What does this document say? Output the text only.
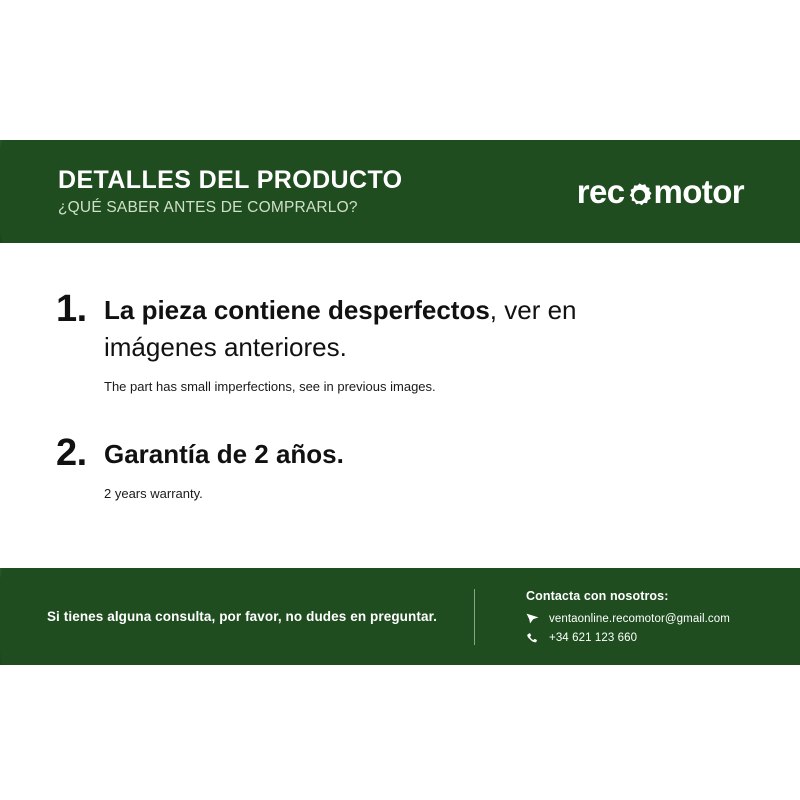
DETALLES DEL PRODUCTO
¿QUÉ SABER ANTES DE COMPRARLO?	rec motor
1. La pieza contiene desperfectos, ver en imágenes anteriores.
The part has small imperfections, see in previous images.
2. Garantía de 2 años.
2 years warranty.
Si tienes alguna consulta, por favor, no dudes en preguntar.
Contacta con nosotros:
ventaonline.recomotor@gmail.com
+34 621 123 660
